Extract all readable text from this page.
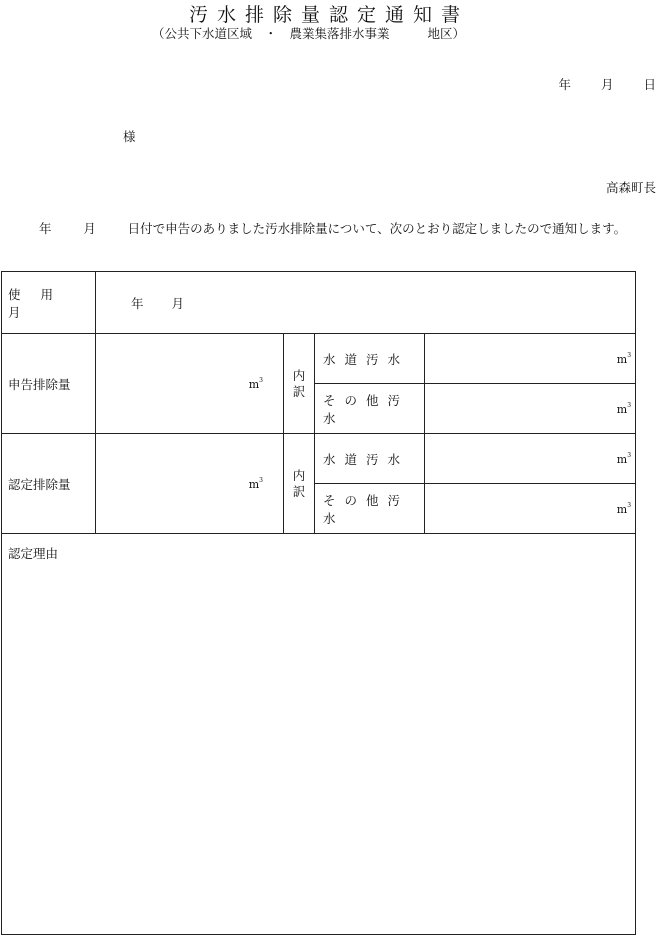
汚水排除量認定通知書
（公共下水道区域　・　農業集落排水事業	地区）
年 月 日
様
高森町長
年	月	日付で申告のありました汚水排除量について、次のとおり認定しましたので通知します。
使用月	年 月			
申告排除量	$m^3$	内訳	水道汚水	$m^3$
			その他汚水	$m^3$
認定排除量	$m^3$	内訳	水道汚水	$m^3$
			その他汚水	$m^3$

認定理由				
